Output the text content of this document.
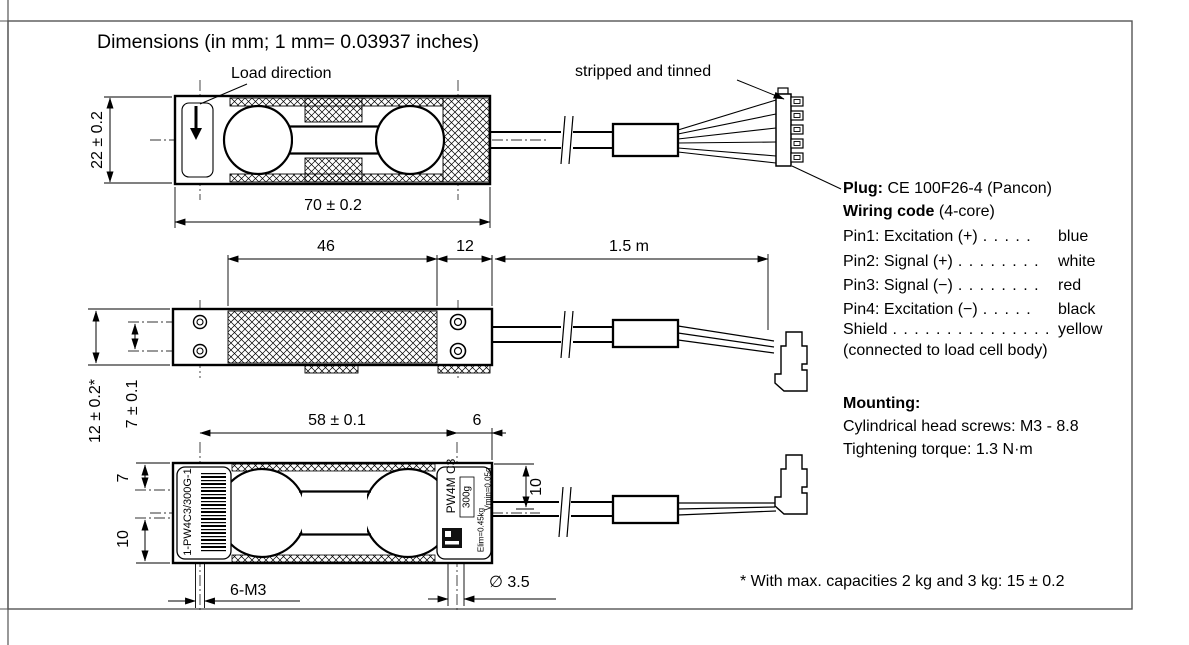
Dimensions (in mm; 1 mm= 0.03937 inches)
Load direction	stripped and tinned
22 ± 0.2
70 ± 0.2
46	12	1.5 m
12 ± 0.2* 7 ± 0.1	58 ± 0.1	6
7
10
10
6-M3	∅ 3.5
1-PW4C3/300G-1	PW4M C3 300g
Elim=0.45kg
Vmin=0.05g
Plug: CE 100F26-4 (Pancon)
Wiring code (4-core)
Pin1: Excitation (+) . . . . . blue
Pin2: Signal (+) . . . . . . . . white
Pin3: Signal (−) . . . . . . . . red
Pin4: Excitation (−) . . . . . black
Shield . . . . . . . . . . . . . . . yellow
(connected to load cell body)
Mounting:
Cylindrical head screws: M3 - 8.8
Tightening torque: 1.3 N·m
* With max. capacities 2 kg and 3 kg: 15 ± 0.2
